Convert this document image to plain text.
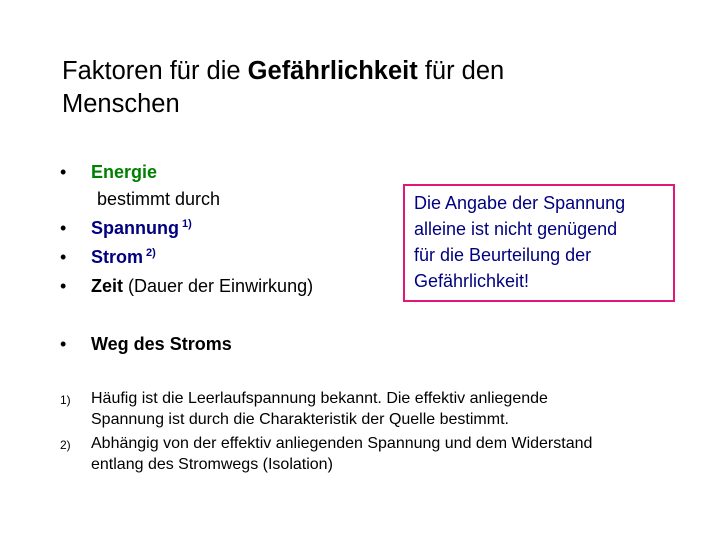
Faktoren für die Gefährlichkeit für den
Menschen
• Energie
bestimmt durch
• Spannung $^{1)}$
• Strom $^{2)}$
• Zeit (Dauer der Einwirkung)
• Weg des Stroms
Die Angabe der Spannung
alleine ist nicht genügend
für die Beurteilung der
Gefährlichkeit!
1) Häufig ist die Leerlaufspannung bekannt. Die effektiv anliegende
Spannung ist durch die Charakteristik der Quelle bestimmt.
2) Abhängig von der effektiv anliegenden Spannung und dem Widerstand
entlang des Stromwegs (Isolation)
